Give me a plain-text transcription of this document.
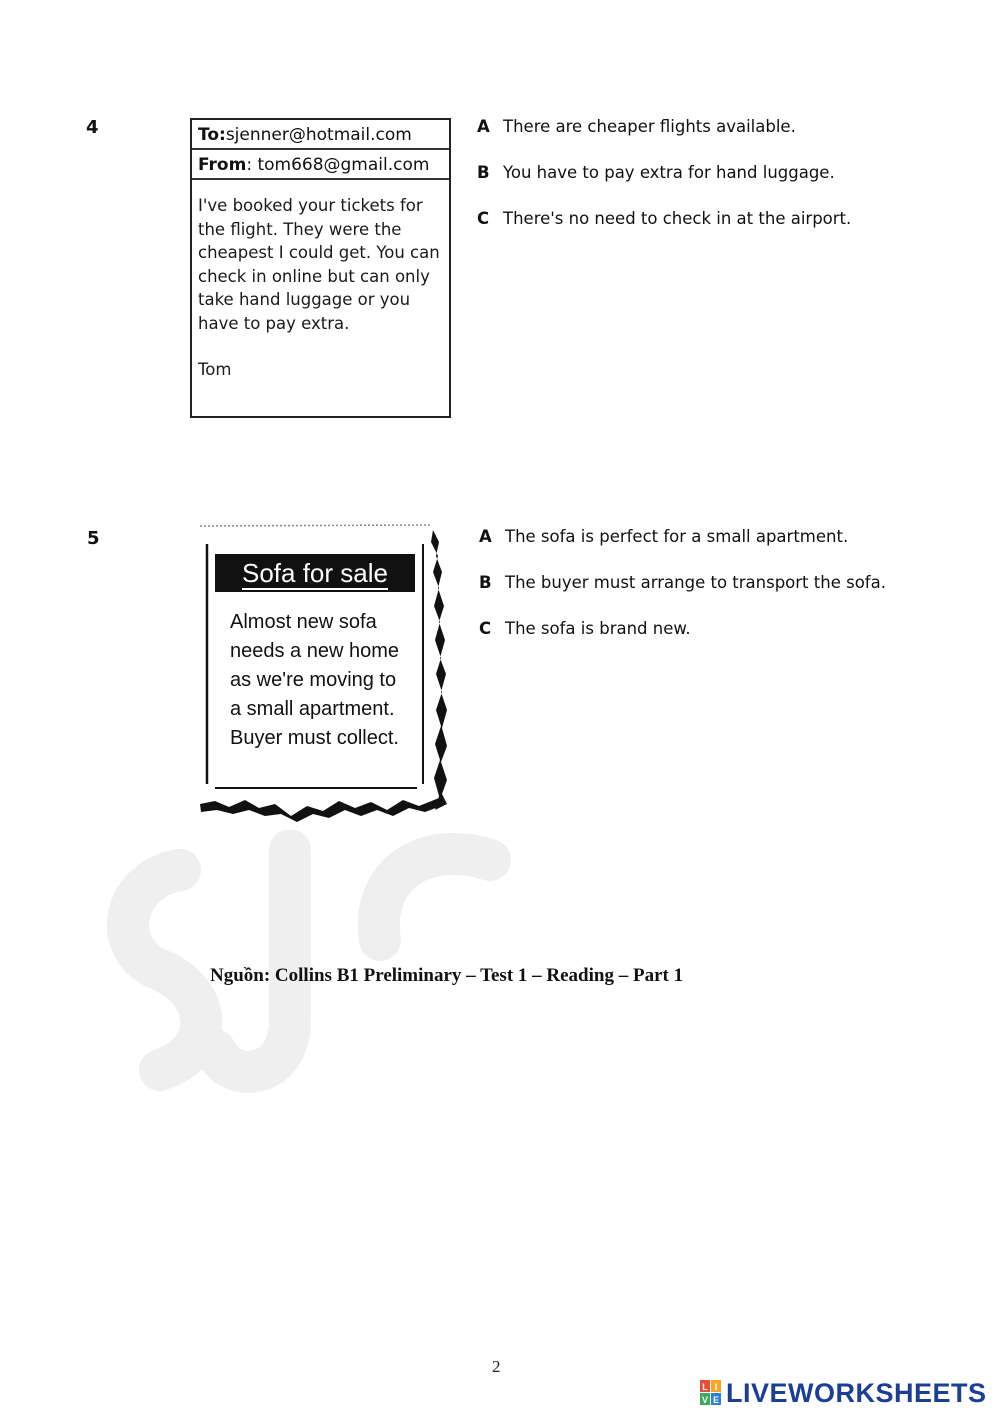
4	To:sjenner@hotmail.com
From: tom668@gmail.com
I've booked your tickets for
the flight. They were the
cheapest I could get. You can
check in online but can only
take hand luggage or you
have to pay extra.
Tom
A There are cheaper flights available.
B You have to pay extra for hand luggage.
C There's no need to check in at the airport.
5
Sofa for sale
Almost new sofa
needs a new home
as we're moving to
a small apartment.
Buyer must collect.
A The sofa is perfect for a small apartment.
B The buyer must arrange to transport the sofa.
C The sofa is brand new.
Nguồn: Collins B1 Preliminary – Test 1 – Reading – Part 1
2
L I
V E LIVEWORKSHEETS
